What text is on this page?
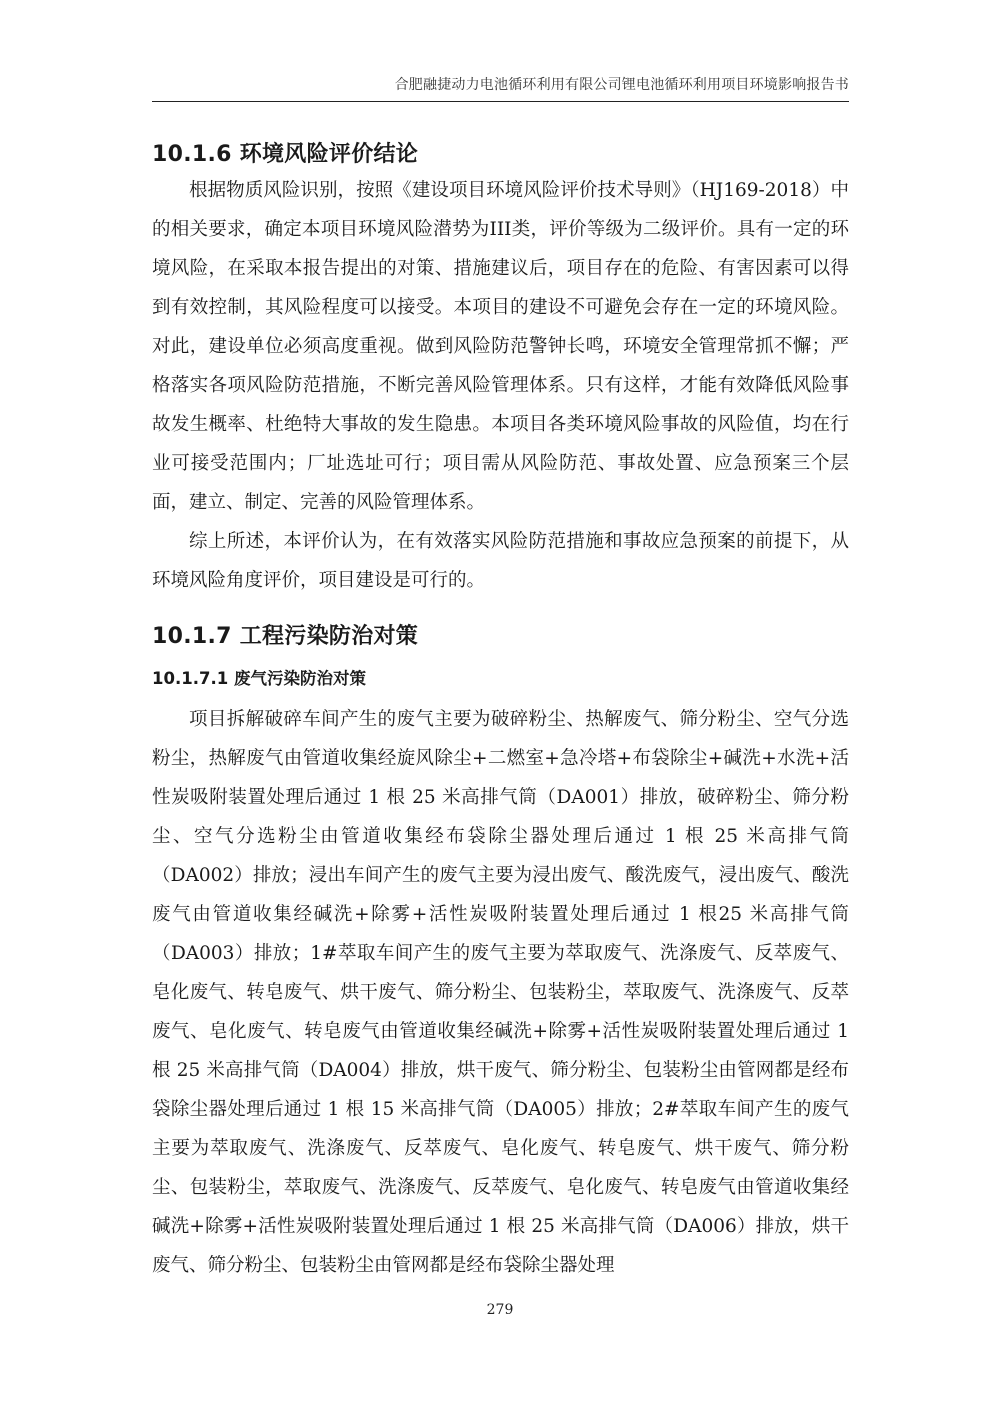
合肥融捷动力电池循环利用有限公司锂电池循环利用项目环境影响报告书
10.1.6 环境风险评价结论

根据物质风险识别，按照《建设项目环境风险评价技术导则》（HJ169-2018）中的相关要求，确定本项目环境风险潜势为III类，评价等级为二级评价。具有一定的环境风险，在采取本报告提出的对策、措施建议后，项目存在的危险、有害因素可以得到有效控制，其风险程度可以接受。本项目的建设不可避免会存在一定的环境风险。对此，建设单位必须高度重视。做到风险防范警钟长鸣，环境安全管理常抓不懈；严格落实各项风险防范措施，不断完善风险管理体系。只有这样，才能有效降低风险事故发生概率、杜绝特大事故的发生隐患。本项目各类环境风险事故的风险值，均在行业可接受范围内；厂址选址可行；项目需从风险防范、事故处置、应急预案三个层面，建立、制定、完善的风险管理体系。

综上所述，本评价认为，在有效落实风险防范措施和事故应急预案的前提下，从环境风险角度评价，项目建设是可行的。

10.1.7 工程污染防治对策
10.1.7.1 废气污染防治对策

项目拆解破碎车间产生的废气主要为破碎粉尘、热解废气、筛分粉尘、空气分选粉尘，热解废气由管道收集经旋风除尘+二燃室+急冷塔+布袋除尘+碱洗+水洗+活性炭吸附装置处理后通过 1 根 25 米高排气筒（DA001）排放，破碎粉尘、筛分粉尘、空气分选粉尘由管道收集经布袋除尘器处理后通过 1 根 25 米高排气筒（DA002）排放；浸出车间产生的废气主要为浸出废气、酸洗废气，浸出废气、酸洗废气由管道收集经碱洗+除雾+活性炭吸附装置处理后通过 1 根25 米高排气筒（DA003）排放；1#萃取车间产生的废气主要为萃取废气、洗涤废气、反萃废气、皂化废气、转皂废气、烘干废气、筛分粉尘、包装粉尘，萃取废气、洗涤废气、反萃废气、皂化废气、转皂废气由管道收集经碱洗+除雾+活性炭吸附装置处理后通过 1 根 25 米高排气筒（DA004）排放，烘干废气、筛分粉尘、包装粉尘由管网都是经布袋除尘器处理后通过 1 根 15 米高排气筒（DA005）排放；2#萃取车间产生的废气主要为萃取废气、洗涤废气、反萃废气、皂化废气、转皂废气、烘干废气、筛分粉尘、包装粉尘，萃取废气、洗涤废气、反萃废气、皂化废气、转皂废气由管道收集经碱洗+除雾+活性炭吸附装置处理后通过 1 根 25 米高排气筒（DA006）排放，烘干废气、筛分粉尘、包装粉尘由管网都是经布袋除尘器处理

279
